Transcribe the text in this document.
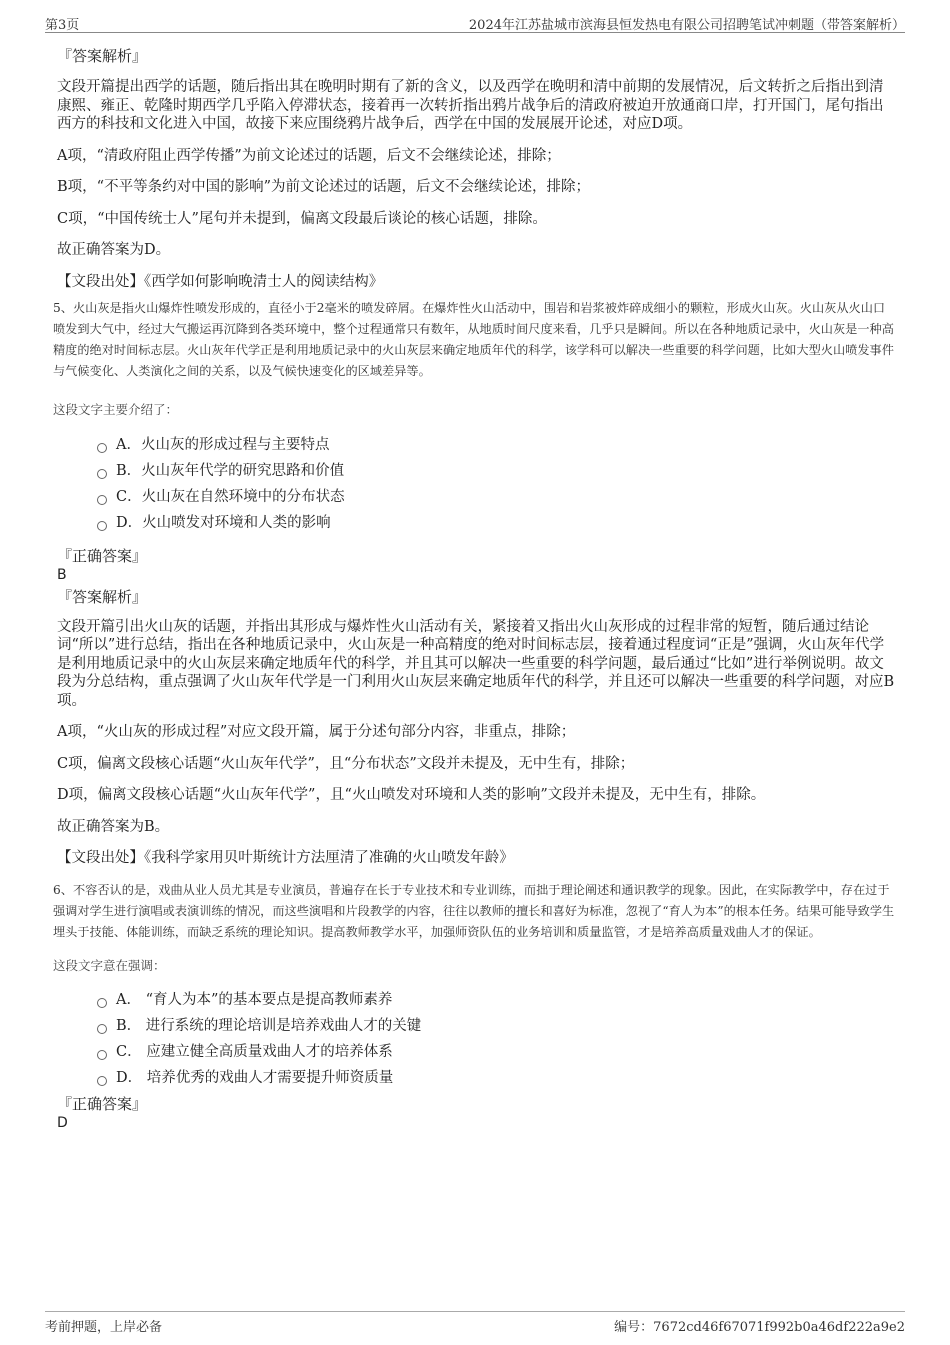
第3页	2024年江苏盐城市滨海县恒发热电有限公司招聘笔试冲刺题（带答案解析）

『答案解析』

文段开篇提出西学的话题，随后指出其在晚明时期有了新的含义，以及西学在晚明和清中前期的发展情况，后文转折之后指出到清康熙、雍正、乾隆时期西学几乎陷入停滞状态，接着再一次转折指出鸦片战争后的清政府被迫开放通商口岸，打开国门，尾句指出西方的科技和文化进入中国，故接下来应围绕鸦片战争后，西学在中国的发展展开论述，对应D项。

A项，“清政府阻止西学传播”为前文论述过的话题，后文不会继续论述，排除；

B项，“不平等条约对中国的影响”为前文论述过的话题，后文不会继续论述，排除；

C项，“中国传统士人”尾句并未提到，偏离文段最后谈论的核心话题，排除。

故正确答案为D。

【文段出处】《西学如何影响晚清士人的阅读结构》

5、火山灰是指火山爆炸性喷发形成的，直径小于2毫米的喷发碎屑。在爆炸性火山活动中，围岩和岩浆被炸碎成细小的颗粒，形成火山灰。火山灰从火山口喷发到大气中，经过大气搬运再沉降到各类环境中，整个过程通常只有数年，从地质时间尺度来看，几乎只是瞬间。所以在各种地质记录中，火山灰是一种高精度的绝对时间标志层。火山灰年代学正是利用地质记录中的火山灰层来确定地质年代的科学，该学科可以解决一些重要的科学问题，比如大型火山喷发事件与气候变化、人类演化之间的关系，以及气候快速变化的区域差异等。

这段文字主要介绍了：

A．火山灰的形成过程与主要特点
B．火山灰年代学的研究思路和价值
C．火山灰在自然环境中的分布状态
D．火山喷发对环境和人类的影响

『正确答案』

B

『答案解析』

文段开篇引出火山灰的话题，并指出其形成与爆炸性火山活动有关，紧接着又指出火山灰形成的过程非常的短暂，随后通过结论词“所以”进行总结，指出在各种地质记录中，火山灰是一种高精度的绝对时间标志层，接着通过程度词“正是”强调，火山灰年代学是利用地质记录中的火山灰层来确定地质年代的科学，并且其可以解决一些重要的科学问题，最后通过“比如”进行举例说明。故文段为分总结构，重点强调了火山灰年代学是一门利用火山灰层来确定地质年代的科学，并且还可以解决一些重要的科学问题，对应B项。

A项，“火山灰的形成过程”对应文段开篇，属于分述句部分内容，非重点，排除；

C项，偏离文段核心话题“火山灰年代学”，且“分布状态”文段并未提及，无中生有，排除；

D项，偏离文段核心话题“火山灰年代学”，且“火山喷发对环境和人类的影响”文段并未提及，无中生有，排除。

故正确答案为B。

【文段出处】《我科学家用贝叶斯统计方法厘清了准确的火山喷发年龄》

6、不容否认的是，戏曲从业人员尤其是专业演员，普遍存在长于专业技术和专业训练，而拙于理论阐述和通识教学的现象。因此，在实际教学中，存在过于强调对学生进行演唱或表演训练的情况，而这些演唱和片段教学的内容，往往以教师的擅长和喜好为标准，忽视了“育人为本”的根本任务。结果可能导致学生埋头于技能、体能训练，而缺乏系统的理论知识。提高教师教学水平，加强师资队伍的业务培训和质量监管，才是培养高质量戏曲人才的保证。

这段文字意在强调：

A． “育人为本”的基本要点是提高教师素养
B． 进行系统的理论培训是培养戏曲人才的关键
C． 应建立健全高质量戏曲人才的培养体系
D． 培养优秀的戏曲人才需要提升师资质量

『正确答案』

D

考前押题，上岸必备	编号：7672cd46f67071f992b0a46df222a9e2
